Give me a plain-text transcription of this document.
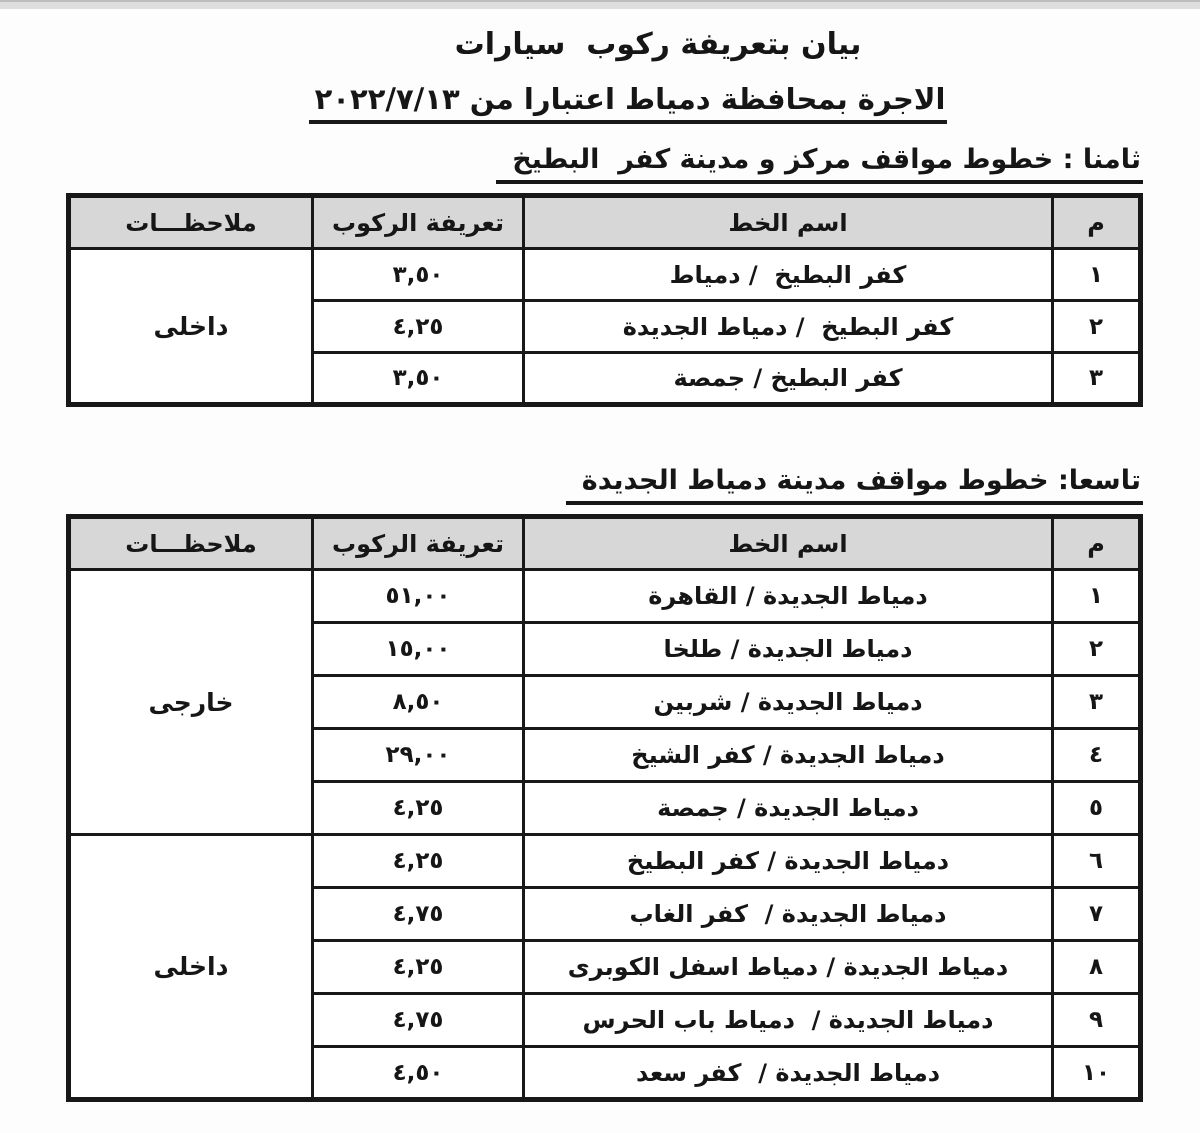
بيان بتعريفة ركوب  سيارات
الاجرة بمحافظة دمياط اعتبارا من ٢٠٢٢/٧/١٣
ثامنا : خطوط مواقف مركز و مدينة كفر  البطيخ
م	اسم الخط	تعريفة الركوب	ملاحظـــات
١	كفر البطيخ  / دمياط	٣,٥٠	داخلى
٢	كفر البطيخ  / دمياط الجديدة	٤,٢٥	
٣	كفر البطيخ / جمصة	٣,٥٠	
تاسعا: خطوط مواقف مدينة دمياط الجديدة
م	اسم الخط	تعريفة الركوب	ملاحظـــات
١	دمياط الجديدة / القاهرة	٥١,٠٠	خارجى
٢	دمياط الجديدة / طلخا	١٥,٠٠	
٣	دمياط الجديدة / شربين	٨,٥٠	
٤	دمياط الجديدة / كفر الشيخ	٢٩,٠٠	
٥	دمياط الجديدة / جمصة	٤,٢٥	
٦	دمياط الجديدة / كفر البطيخ	٤,٢٥	داخلى
٧	دمياط الجديدة /  كفر الغاب	٤,٧٥	
٨	دمياط الجديدة / دمياط اسفل الكوبرى	٤,٢٥	
٩	دمياط الجديدة /  دمياط باب الحرس	٤,٧٥	
١٠	دمياط الجديدة /  كفر سعد	٤,٥٠	
